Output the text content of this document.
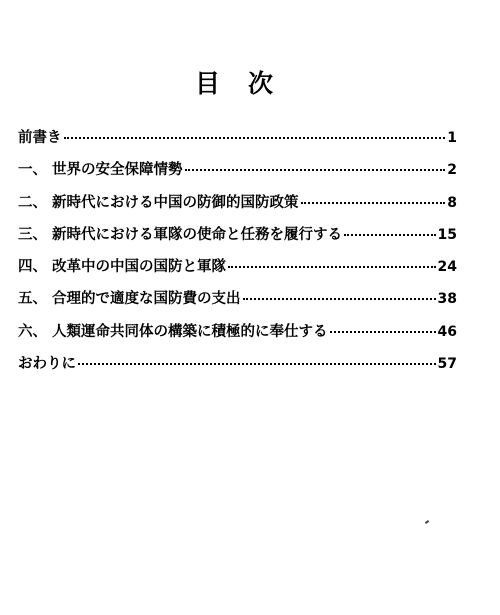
目次
前書き	1
一、 世界の安全保障情勢	2
二、 新時代における中国の防御的国防政策	8
三、 新時代における軍隊の使命と任務を履行する	15
四、 改革中の中国の国防と軍隊	24
五、 合理的で適度な国防費の支出	38
六、 人類運命共同体の構築に積極的に奉仕する	46
おわりに	57
